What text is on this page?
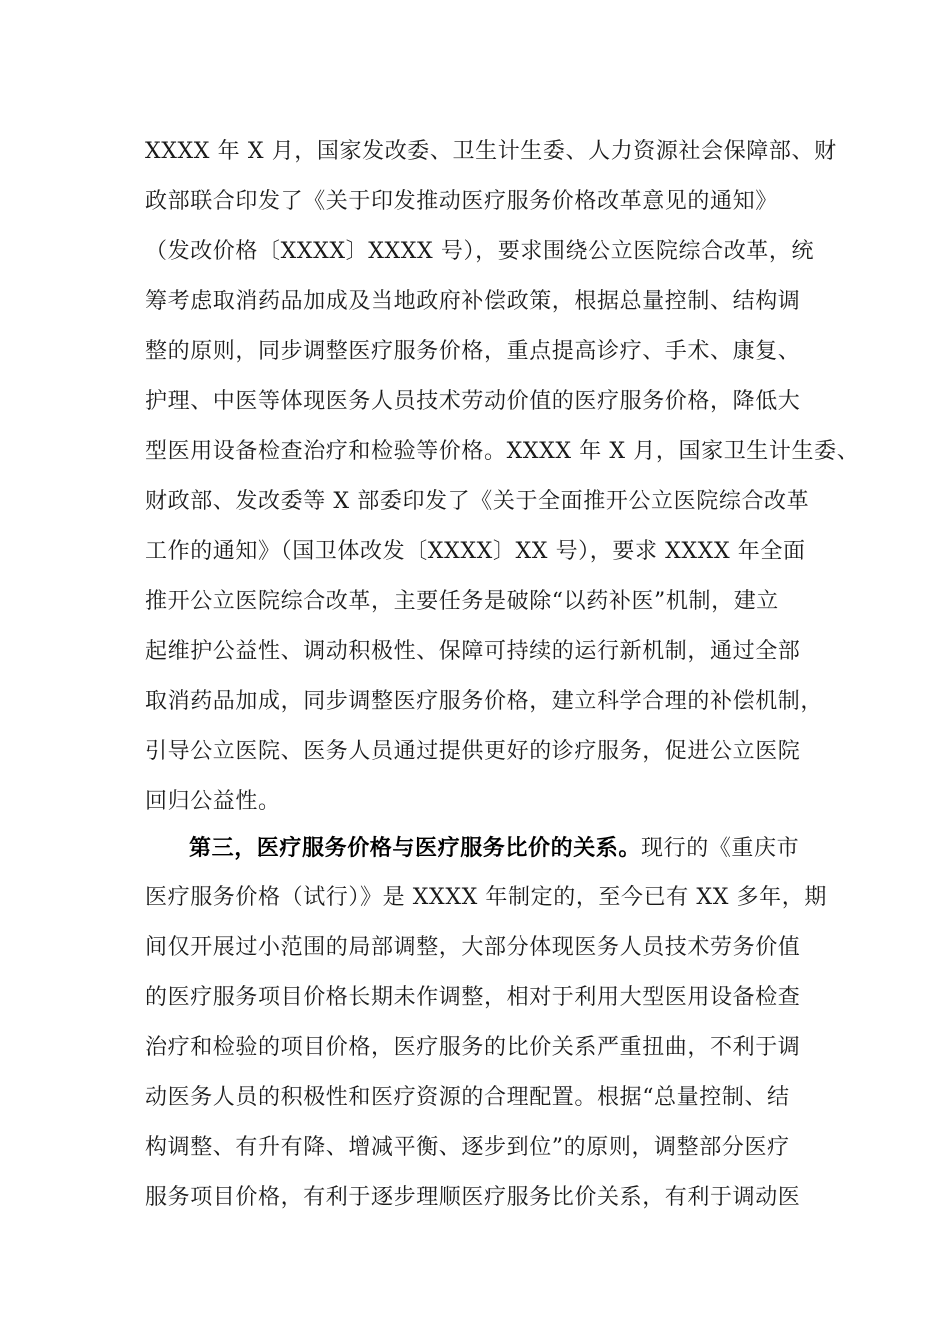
XXXX 年 X 月，国家发改委、卫生计生委、人力资源社会保障部、财
政部联合印发了《关于印发推动医疗服务价格改革意见的通知》
（发改价格〔XXXX〕XXXX 号），要求围绕公立医院综合改革，统
筹考虑取消药品加成及当地政府补偿政策，根据总量控制、结构调
整的原则，同步调整医疗服务价格，重点提高诊疗、手术、康复、
护理、中医等体现医务人员技术劳动价值的医疗服务价格，降低大
型医用设备检查治疗和检验等价格。XXXX 年 X 月，国家卫生计生委、
财政部、发改委等 X 部委印发了《关于全面推开公立医院综合改革
工作的通知》（国卫体改发〔XXXX〕XX 号），要求 XXXX 年全面
推开公立医院综合改革，主要任务是破除“以药补医”机制，建立
起维护公益性、调动积极性、保障可持续的运行新机制，通过全部
取消药品加成，同步调整医疗服务价格，建立科学合理的补偿机制，
引导公立医院、医务人员通过提供更好的诊疗服务，促进公立医院
回归公益性。
第三，医疗服务价格与医疗服务比价的关系。现行的《重庆市
医疗服务价格（试行）》是 XXXX 年制定的，至今已有 XX 多年，期
间仅开展过小范围的局部调整，大部分体现医务人员技术劳务价值
的医疗服务项目价格长期未作调整，相对于利用大型医用设备检查
治疗和检验的项目价格，医疗服务的比价关系严重扭曲，不利于调
动医务人员的积极性和医疗资源的合理配置。根据“总量控制、结
构调整、有升有降、增减平衡、逐步到位”的原则，调整部分医疗
服务项目价格，有利于逐步理顺医疗服务比价关系，有利于调动医
